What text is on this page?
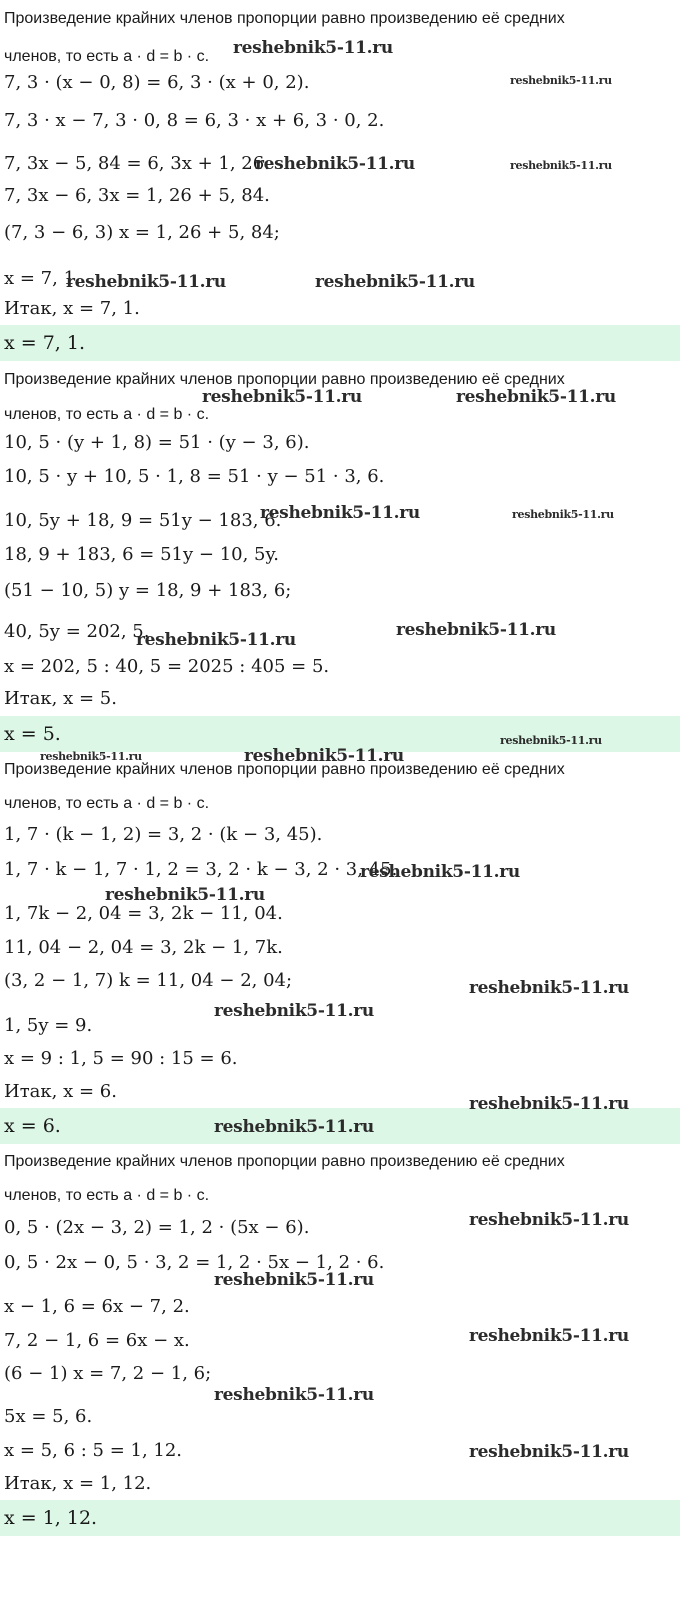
Произведение крайних членов пропорции равно произведению её средних
членов, то есть a · d = b · c.
7, 3 · (x − 0, 8) = 6, 3 · (x + 0, 2).
7, 3 · x − 7, 3 · 0, 8 = 6, 3 · x + 6, 3 · 0, 2.
7, 3x − 5, 84 = 6, 3x + 1, 26.
7, 3x − 6, 3x = 1, 26 + 5, 84.
(7, 3 − 6, 3) x = 1, 26 + 5, 84;
x = 7, 1.
Итак, x = 7, 1.
x = 7, 1.
Произведение крайних членов пропорции равно произведению её средних
членов, то есть a · d = b · c.
10, 5 · (y + 1, 8) = 51 · (y − 3, 6).
10, 5 · y + 10, 5 · 1, 8 = 51 · y − 51 · 3, 6.
10, 5y + 18, 9 = 51y − 183, 6.
18, 9 + 183, 6 = 51y − 10, 5y.
(51 − 10, 5) y = 18, 9 + 183, 6;
40, 5y = 202, 5.
x = 202, 5 : 40, 5 = 2025 : 405 = 5.
Итак, x = 5.
x = 5.
Произведение крайних членов пропорции равно произведению её средних
членов, то есть a · d = b · c.
1, 7 · (k − 1, 2) = 3, 2 · (k − 3, 45).
1, 7 · k − 1, 7 · 1, 2 = 3, 2 · k − 3, 2 · 3, 45.
1, 7k − 2, 04 = 3, 2k − 11, 04.
11, 04 − 2, 04 = 3, 2k − 1, 7k.
(3, 2 − 1, 7) k = 11, 04 − 2, 04;
1, 5y = 9.
x = 9 : 1, 5 = 90 : 15 = 6.
Итак, x = 6.
x = 6.
Произведение крайних членов пропорции равно произведению её средних
членов, то есть a · d = b · c.
0, 5 · (2x − 3, 2) = 1, 2 · (5x − 6).
0, 5 · 2x − 0, 5 · 3, 2 = 1, 2 · 5x − 1, 2 · 6.
x − 1, 6 = 6x − 7, 2.
7, 2 − 1, 6 = 6x − x.
(6 − 1) x = 7, 2 − 1, 6;
5x = 5, 6.
x = 5, 6 : 5 = 1, 12.
Итак, x = 1, 12.
x = 1, 12.
reshebnik5-11.ru
reshebnik5-11.ru
reshebnik5-11.ru	reshebnik5-11.ru
reshebnik5-11.ru	reshebnik5-11.ru
reshebnik5-11.ru	reshebnik5-11.ru
reshebnik5-11.ru	reshebnik5-11.ru
reshebnik5-11.ru	reshebnik5-11.ru
reshebnik5-11.ru
reshebnik5-11.ru	reshebnik5-11.ru
reshebnik5-11.ru
reshebnik5-11.ru
reshebnik5-11.ru
reshebnik5-11.ru
reshebnik5-11.ru
reshebnik5-11.ru
reshebnik5-11.ru
reshebnik5-11.ru
reshebnik5-11.ru
reshebnik5-11.ru
reshebnik5-11.ru
